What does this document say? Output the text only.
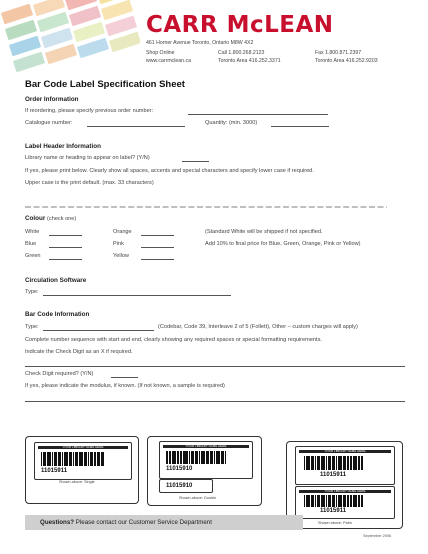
CARR McLEAN
461 Horner Avenue Toronto, Ontario M8W 4X2
Shop Online
www.carrmclean.ca
Call 1.800.268.2123
Toronto Area 416.252.3371
Fax 1.800.871.2397
Toronto Area 416.252.9203
Bar Code Label Specification Sheet
Order Information
If reordering, please specify previous order number:
Catalogue number:	Quantity: (min. 3000)
Label Header Information
Library name or heading to appear on label? (Y/N)
If yes, please print below. Clearly show all spaces, accents and special characters and specify lower case if required.
Upper case is the print default. (max. 33 characters)
Colour (check one)
White
Blue
Green
Orange
Pink
Yellow
(Standard White will be shipped if not specified.
Add 10% to final price for Blue, Green, Orange, Pink or Yellow)
Circulation Software
Type:
Bar Code Information
Type:	(Codebar, Code 39, Interleave 2 of 5 (Follett), Other – custom charges will apply)
Complete number sequence with start and end, clearly showing any required spaces or special formatting requirements.
Indicate the Check Digit as an X if required.
Check Digit required? (Y/N)
If yes, please indicate the modulus, if known. (If not known, a sample is required)
YOUR LIBRARY NAME HERE
11015911
Shown above: Single
YOUR LIBRARY NAME HERE
11015910
11015910
Shown above: Double
YOUR LIBRARY NAME HERE
11015911
YOUR LIBRARY NAME HERE
11015911
Shown above: Pairs
Questions? Please contact our Customer Service Department
September 2006
